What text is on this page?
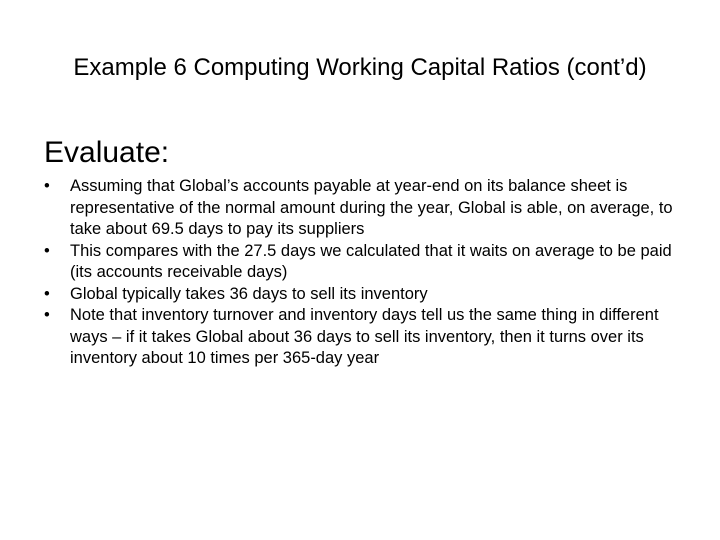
Example 6 Computing Working Capital Ratios (cont’d)
Evaluate:
•	Assuming that Global’s accounts payable at year-end on its balance sheet is representative of the normal amount during the year, Global is able, on average, to take about 69.5 days to pay its suppliers
•	This compares with the 27.5 days we calculated that it waits on average to be paid (its accounts receivable days)
•	Global typically takes 36 days to sell its inventory
•	Note that inventory turnover and inventory days tell us the same thing in different ways – if it takes Global about 36 days to sell its inventory, then it turns over its inventory about 10 times per 365-day year
